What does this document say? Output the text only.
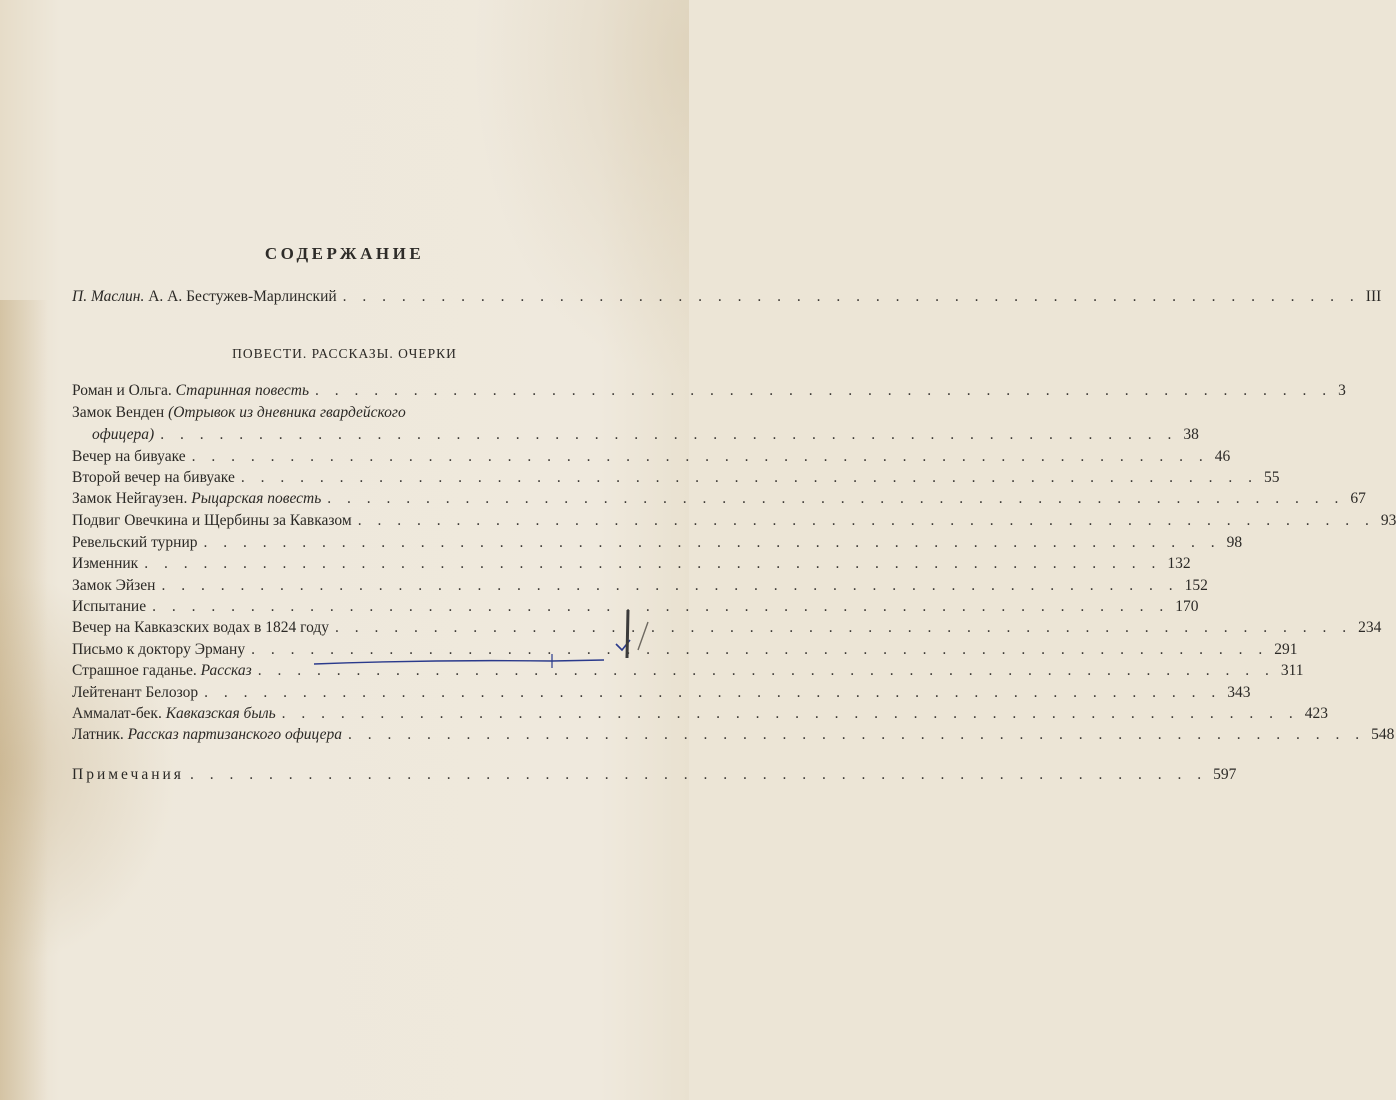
СОДЕРЖАНИЕ
П. Маслин. А. А. Бестужев-Марлинский . . . . . . . . . . . . . . . . . . . . . . . . . . . . . . . . . . . . . . . . . . . . . . . . . . . . III
ПОВЕСТИ. РАССКАЗЫ. ОЧЕРКИ
Роман и Ольга. Старинная повесть . . . . . . . . . . . . . . . . . . . . . . . . . . . . . . . . . . . . . . . . . . . . . . . . . . . . 3
Замок Венден (Отрывок из дневника гвардейского
офицера) . . . . . . . . . . . . . . . . . . . . . . . . . . . . . . . . . . . . . . . . . . . . . . . . . . . . 38
Вечер на бивуаке . . . . . . . . . . . . . . . . . . . . . . . . . . . . . . . . . . . . . . . . . . . . . . . . . . . . 46
Второй вечер на бивуаке . . . . . . . . . . . . . . . . . . . . . . . . . . . . . . . . . . . . . . . . . . . . . . . . . . . . 55
Замок Нейгаузен. Рыцарская повесть . . . . . . . . . . . . . . . . . . . . . . . . . . . . . . . . . . . . . . . . . . . . . . . . . . . . 67
Подвиг Овечкина и Щербины за Кавказом . . . . . . . . . . . . . . . . . . . . . . . . . . . . . . . . . . . . . . . . . . . . . . . . . . . . 93
Ревельский турнир . . . . . . . . . . . . . . . . . . . . . . . . . . . . . . . . . . . . . . . . . . . . . . . . . . . . 98
Изменник . . . . . . . . . . . . . . . . . . . . . . . . . . . . . . . . . . . . . . . . . . . . . . . . . . . . 132
Замок Эйзен . . . . . . . . . . . . . . . . . . . . . . . . . . . . . . . . . . . . . . . . . . . . . . . . . . . . 152
Испытание . . . . . . . . . . . . . . . . . . . . . . . . . . . . . . . . . . . . . . . . . . . . . . . . . . . . 170
Вечер на Кавказских водах в 1824 году . . . . . . . . . . . . . . . . . . . . . . . . . . . . . . . . . . . . . . . . . . . . . . . . . . . . 234
Письмо к доктору Эрману . . . . . . . . . . . . . . . . . . . . . . . . . . . . . . . . . . . . . . . . . . . . . . . . . . . . 291
Страшное гаданье. Рассказ . . . . . . . . . . . . . . . . . . . . . . . . . . . . . . . . . . . . . . . . . . . . . . . . . . . . 311
Лейтенант Белозор . . . . . . . . . . . . . . . . . . . . . . . . . . . . . . . . . . . . . . . . . . . . . . . . . . . . 343
Аммалат-бек. Кавказская быль . . . . . . . . . . . . . . . . . . . . . . . . . . . . . . . . . . . . . . . . . . . . . . . . . . . . 423
Латник. Рассказ партизанского офицера . . . . . . . . . . . . . . . . . . . . . . . . . . . . . . . . . . . . . . . . . . . . . . . . . . . . 548
Примечания . . . . . . . . . . . . . . . . . . . . . . . . . . . . . . . . . . . . . . . . . . . . . . . . . . . . 597
